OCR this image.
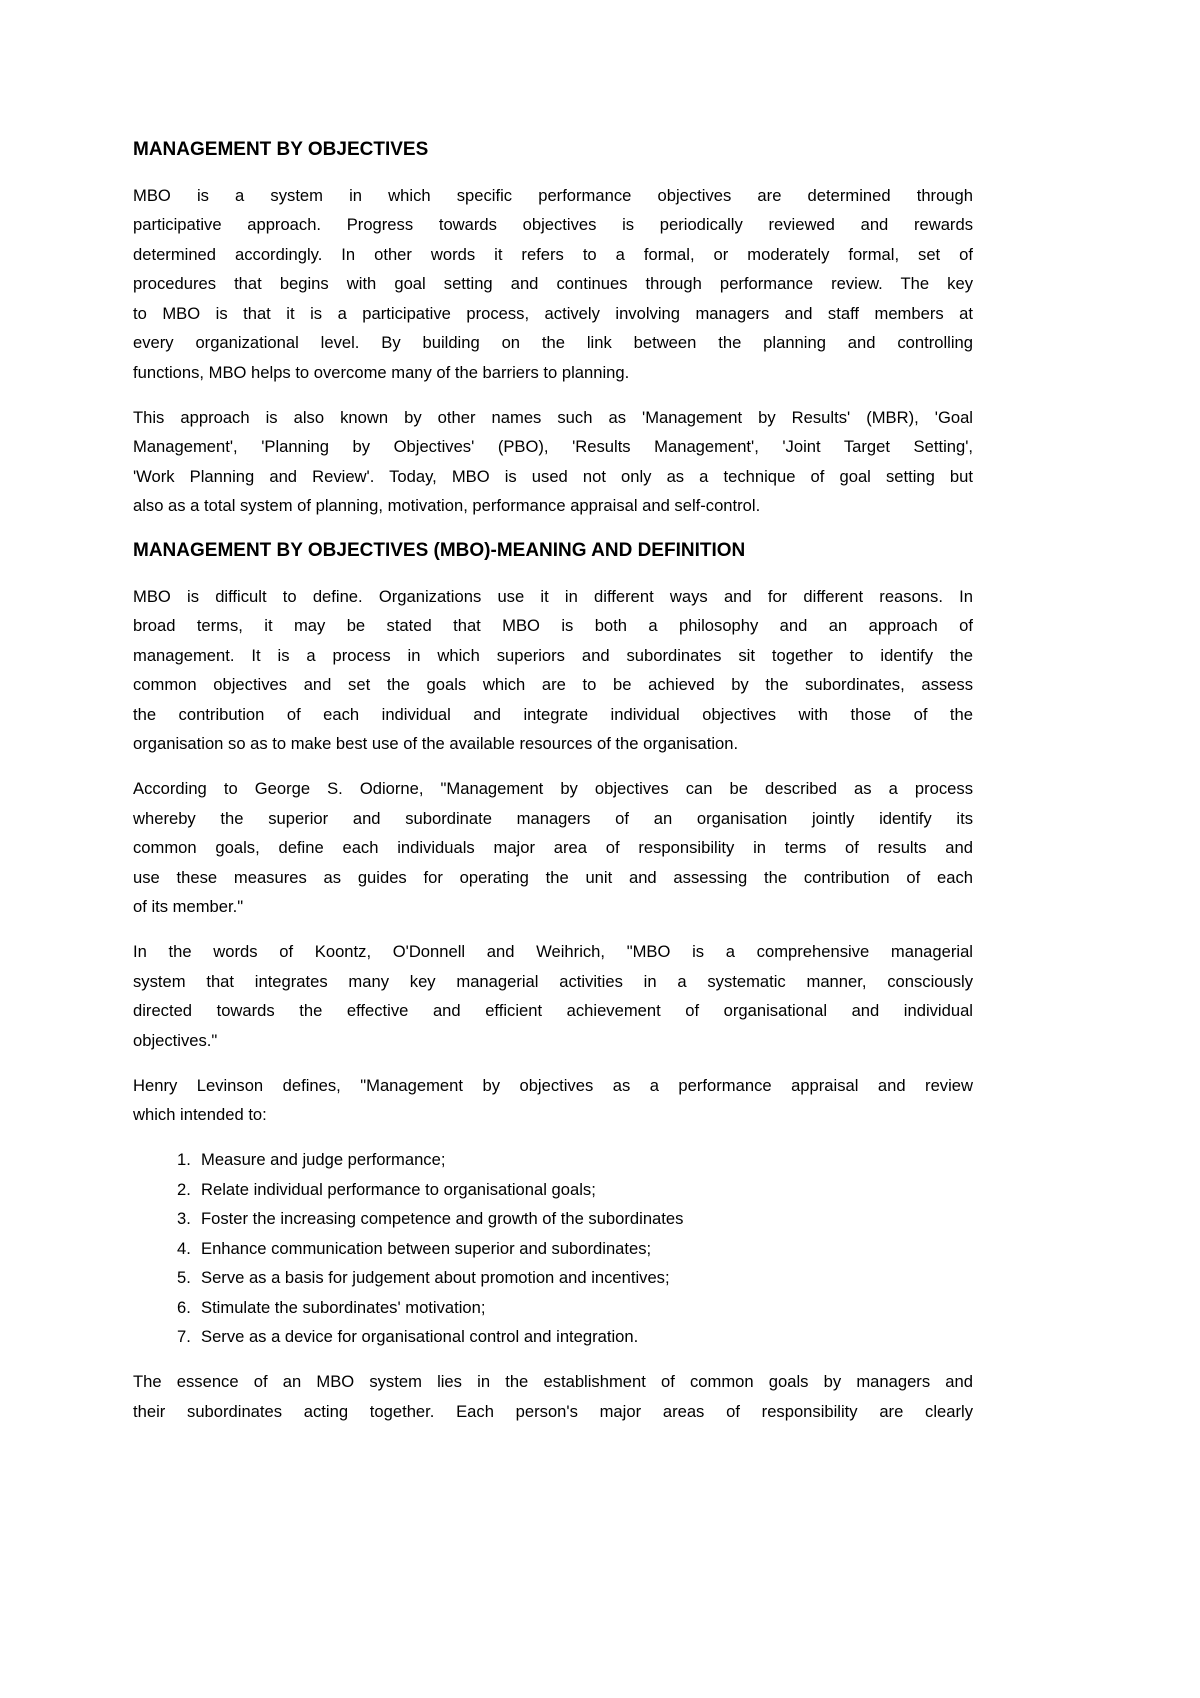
MANAGEMENT BY OBJECTIVES
MBO is a system in which specific performance objectives are determined through
participative approach. Progress towards objectives is periodically reviewed and rewards
determined accordingly. In other words it refers to a formal, or moderately formal, set of
procedures that begins with goal setting and continues through performance review. The key
to MBO is that it is a participative process, actively involving managers and staff members at
every organizational level. By building on the link between the planning and controlling
functions, MBO helps to overcome many of the barriers to planning.
This approach is also known by other names such as 'Management by Results' (MBR), 'Goal
Management', 'Planning by Objectives' (PBO), 'Results Management', 'Joint Target Setting',
'Work Planning and Review'. Today, MBO is used not only as a technique of goal setting but
also as a total system of planning, motivation, performance appraisal and self-control.
MANAGEMENT BY OBJECTIVES (MBO)-MEANING AND DEFINITION
MBO is difficult to define. Organizations use it in different ways and for different reasons. In
broad terms, it may be stated that MBO is both a philosophy and an approach of
management. It is a process in which superiors and subordinates sit together to identify the
common objectives and set the goals which are to be achieved by the subordinates, assess
the contribution of each individual and integrate individual objectives with those of the
organisation so as to make best use of the available resources of the organisation.
According to George S. Odiorne, "Management by objectives can be described as a process
whereby the superior and subordinate managers of an organisation jointly identify its
common goals, define each individuals major area of responsibility in terms of results and
use these measures as guides for operating the unit and assessing the contribution of each
of its member."
In the words of Koontz, O'Donnell and Weihrich, "MBO is a comprehensive managerial
system that integrates many key managerial activities in a systematic manner, consciously
directed towards the effective and efficient achievement of organisational and individual
objectives."
Henry Levinson defines, "Management by objectives as a performance appraisal and review
which intended to:
1. Measure and judge performance;
2. Relate individual performance to organisational goals;
3. Foster the increasing competence and growth of the subordinates
4. Enhance communication between superior and subordinates;
5. Serve as a basis for judgement about promotion and incentives;
6. Stimulate the subordinates' motivation;
7. Serve as a device for organisational control and integration.
The essence of an MBO system lies in the establishment of common goals by managers and
their subordinates acting together. Each person's major areas of responsibility are clearly
